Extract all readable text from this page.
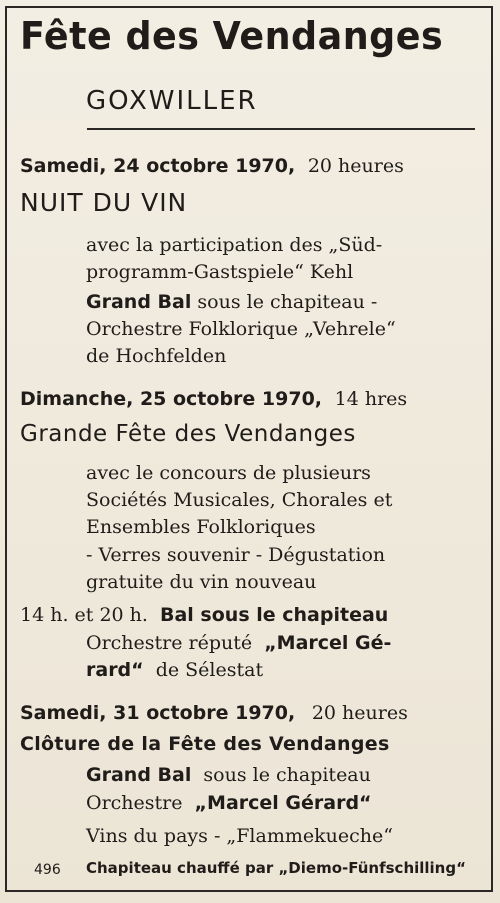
Fête des Vendanges
GOXWILLER
Samedi, 24 octobre 1970, 20 heures
NUIT DU VIN
avec la participation des „Süd-
programm-Gastspiele“ Kehl
Grand Bal sous le chapiteau -
Orchestre Folklorique „Vehrele“
de Hochfelden
Dimanche, 25 octobre 1970, 14 hres
Grande Fête des Vendanges
avec le concours de plusieurs
Sociétés Musicales, Chorales et
Ensembles Folkloriques
- Verres souvenir - Dégustation
gratuite du vin nouveau
14 h. et 20 h. Bal sous le chapiteau
Orchestre réputé „Marcel Gé-
rard“ de Sélestat
Samedi, 31 octobre 1970, 20 heures
Clôture de la Fête des Vendanges
Grand Bal sous le chapiteau
Orchestre „Marcel Gérard“
Vins du pays - „Flammekueche“
496 Chapiteau chauffé par „Diemo-Fünfschilling“
